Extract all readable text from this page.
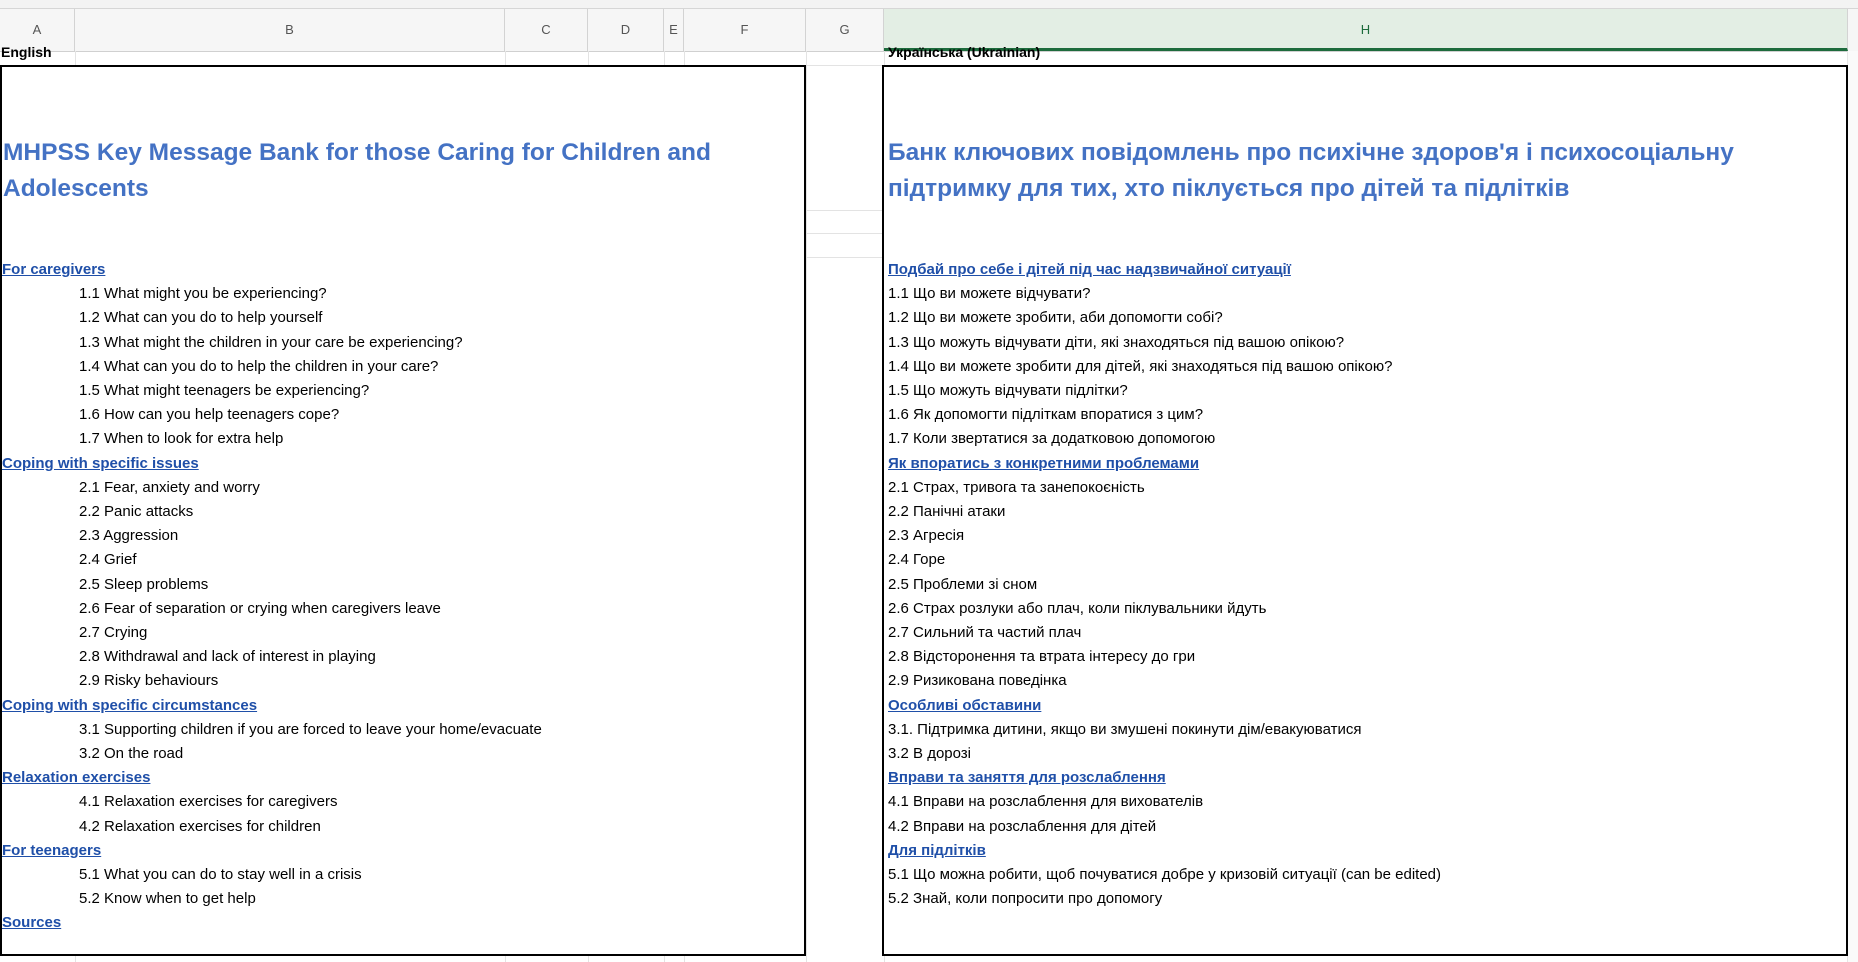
A	B	C	D	E	F	G	H
English	Українська (Ukrainian)
MHPSS Key Message Bank for those Caring for Children and
Adolescents
For caregivers
1.1 What might you be experiencing?
1.2 What can you do to help yourself
1.3 What might the children in your care be experiencing?
1.4 What can you do to help the children in your care?
1.5 What might teenagers be experiencing?
1.6 How can you help teenagers cope?
1.7 When to look for extra help
Coping with specific issues
2.1 Fear, anxiety and worry
2.2 Panic attacks
2.3 Aggression
2.4 Grief
2.5 Sleep problems
2.6 Fear of separation or crying when caregivers leave
2.7 Crying
2.8 Withdrawal and lack of interest in playing
2.9 Risky behaviours
Coping with specific circumstances
3.1 Supporting children if you are forced to leave your home/evacuate
3.2 On the road
Relaxation exercises
4.1 Relaxation exercises for caregivers
4.2 Relaxation exercises for children
For teenagers
5.1 What you can do to stay well in a crisis
5.2 Know when to get help
Sources
Банк ключових повідомлень про психічне здоров'я і психосоціальну
підтримку для тих, хто піклується про дітей та підлітків
Подбай про себе і дітей під час надзвичайної ситуації
1.1 Що ви можете відчувати?
1.2 Що ви можете зробити, аби допомогти собі?
1.3 Що можуть відчувати діти, які знаходяться під вашою опікою?
1.4 Що ви можете зробити для дітей, які знаходяться під вашою опікою?
1.5 Що можуть відчувати підлітки?
1.6 Як допомогти підліткам впоратися з цим?
1.7 Коли звертатися за додатковою допомогою
Як впоратись з конкретними проблемами
2.1 Страх, тривога та занепокоєність
2.2 Панічні атаки
2.3 Агресія
2.4 Горе
2.5 Проблеми зі сном
2.6 Страх розлуки або плач, коли піклувальники йдуть
2.7 Сильний та частий плач
2.8 Відсторонення та втрата інтересу до гри
2.9 Ризикована поведінка
Особливі обставини
3.1. Підтримка дитини, якщо ви змушені покинути дім/евакуюватися
3.2 В дорозі
Вправи та заняття для розслаблення
4.1 Вправи на розслаблення для вихователів
4.2 Вправи на розслаблення для дітей
Для підлітків
5.1 Що можна робити, щоб почуватися добре у кризовій ситуації (can be edited)
5.2 Знай, коли попросити про допомогу
